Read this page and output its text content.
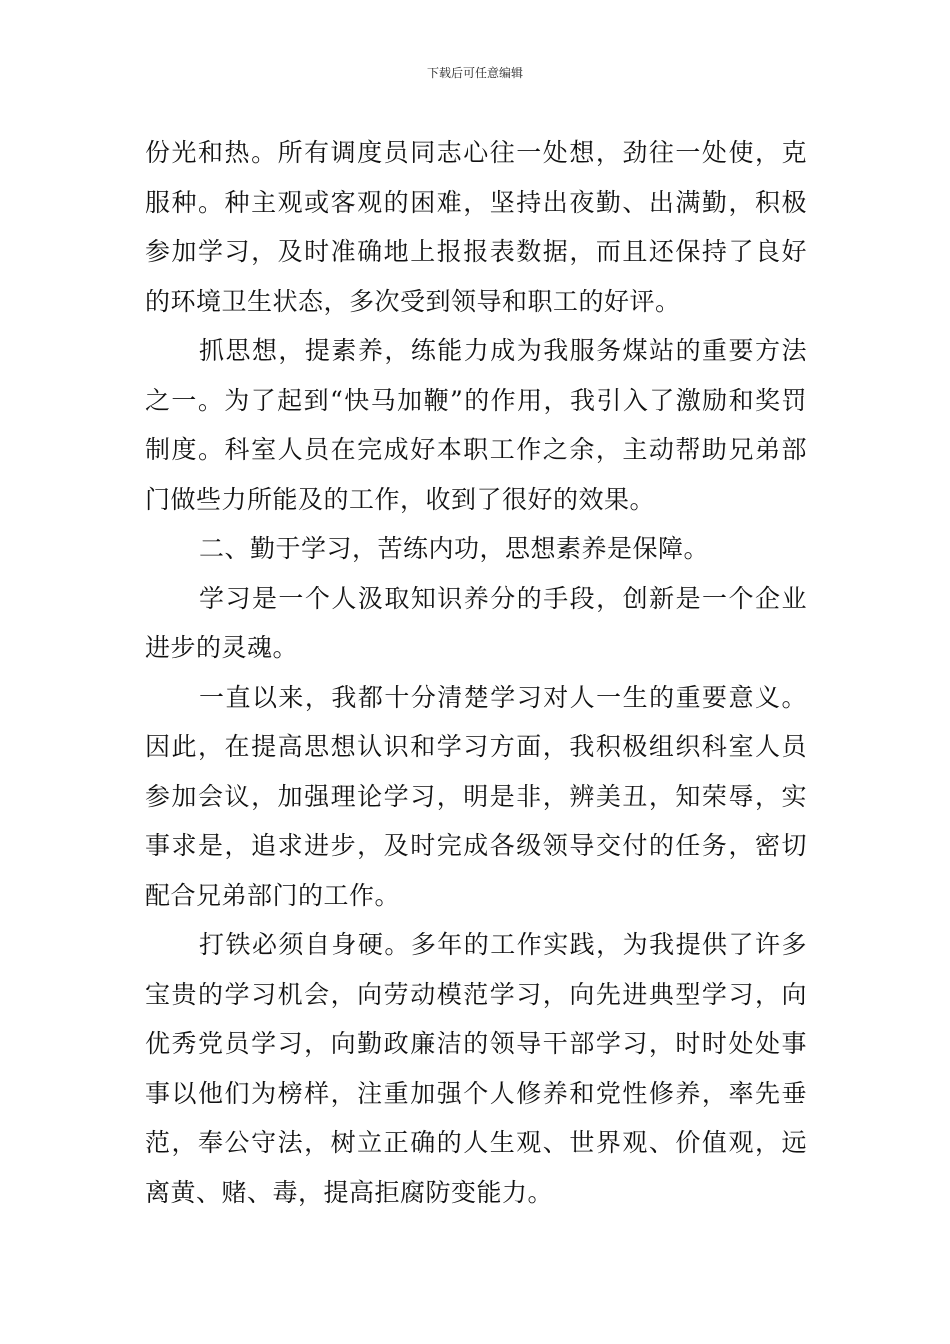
下载后可任意编辑

份光和热。所有调度员同志心往一处想，劲往一处使，克服种。种主观或客观的困难，坚持出夜勤、出满勤，积极参加学习，及时准确地上报报表数据，而且还保持了良好的环境卫生状态，多次受到领导和职工的好评。

抓思想，提素养，练能力成为我服务煤站的重要方法之一。为了起到“快马加鞭”的作用，我引入了激励和奖罚制度。科室人员在完成好本职工作之余，主动帮助兄弟部门做些力所能及的工作，收到了很好的效果。

二、勤于学习，苦练内功，思想素养是保障。

学习是一个人汲取知识养分的手段，创新是一个企业进步的灵魂。

一直以来，我都十分清楚学习对人一生的重要意义。因此，在提高思想认识和学习方面，我积极组织科室人员参加会议，加强理论学习，明是非，辨美丑，知荣辱，实事求是，追求进步，及时完成各级领导交付的任务，密切配合兄弟部门的工作。

打铁必须自身硬。多年的工作实践，为我提供了许多宝贵的学习机会，向劳动模范学习，向先进典型学习，向优秀党员学习，向勤政廉洁的领导干部学习，时时处处事事以他们为榜样，注重加强个人修养和党性修养，率先垂范，奉公守法，树立正确的人生观、世界观、价值观，远离黄、赌、毒，提高拒腐防变能力。
